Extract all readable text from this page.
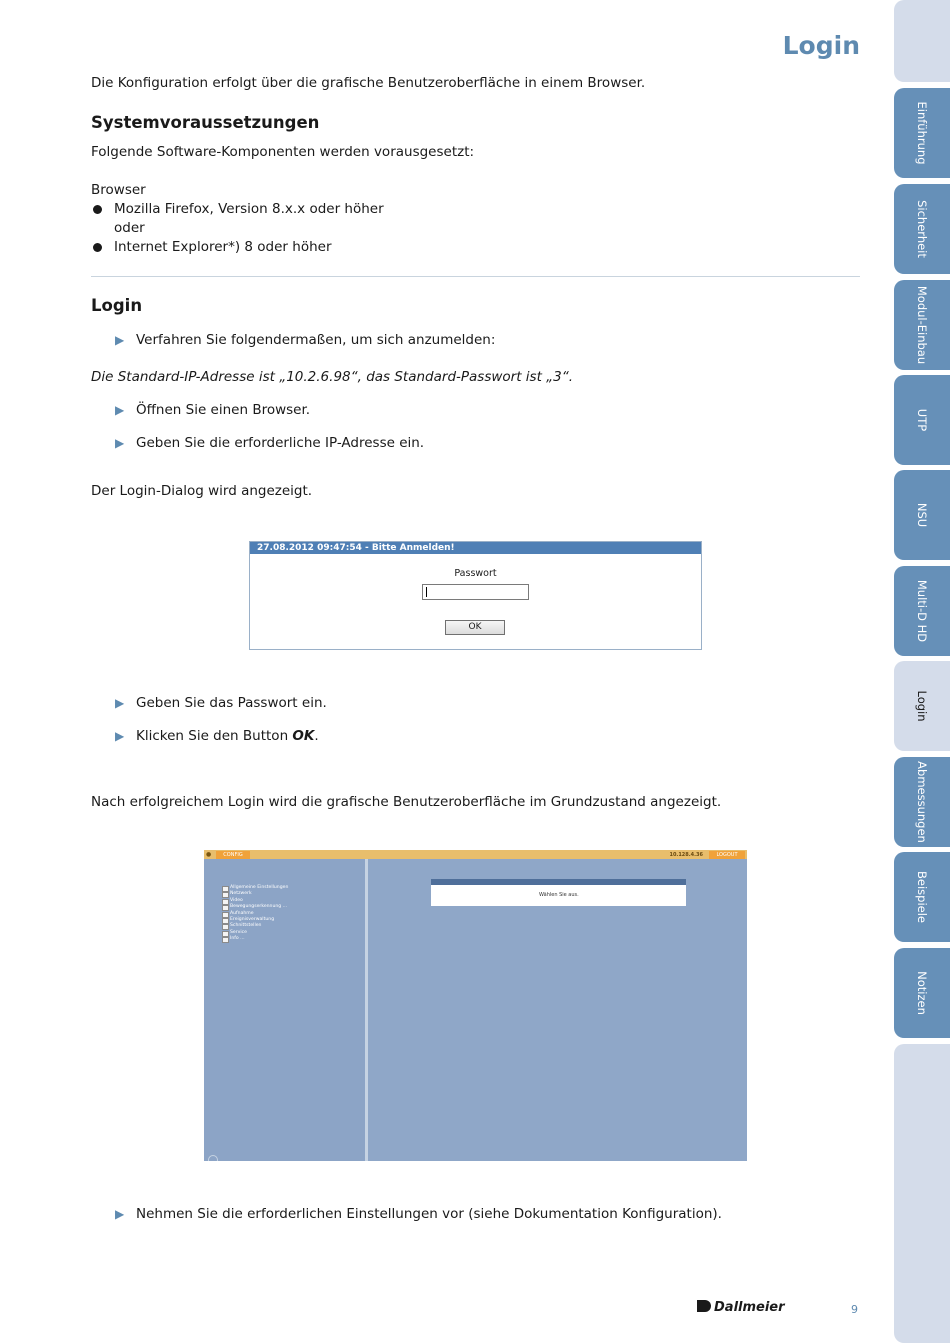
Login

Die Konfiguration erfolgt über die grafische Benutzeroberfläche in einem Browser.

Systemvoraussetzungen

Folgende Software-Komponenten werden vorausgesetzt:

Browser

Mozilla Firefox, Version 8.x.x oder höher

oder

Internet Explorer*) 8 oder höher

Login

▶ Verfahren Sie folgendermaßen, um sich anzumelden:

Die Standard-IP-Adresse ist „10.2.6.98“, das Standard-Passwort ist „3“.

▶ Öffnen Sie einen Browser.

▶ Geben Sie die erforderliche IP-Adresse ein.

Der Login-Dialog wird angezeigt.

▶ Geben Sie das Passwort ein.

▶ Klicken Sie den Button OK.

Nach erfolgreichem Login wird die grafische Benutzeroberfläche im Grundzustand angezeigt.

▶ Nehmen Sie die erforderlichen Einstellungen vor (siehe Dokumentation Konfiguration).

27.08.2012 09:47:54 - Bitte Anmelden!
Passwort
OK
●	CONFIG	10.128.4.36	LOGOUT
Allgemeine Einstellungen
Netzwerk
Video
Bewegungserkennung ...
Aufnahme
Ereignisverwaltung
Schnittstellen
Service
Info ...
Wählen Sie aus.
Einführung
Sicherheit
Modul-Einbau
UTP
NSU
Multi-D HD
Login
Abmessungen
Beispiele
Notizen
Dallmeier	9
